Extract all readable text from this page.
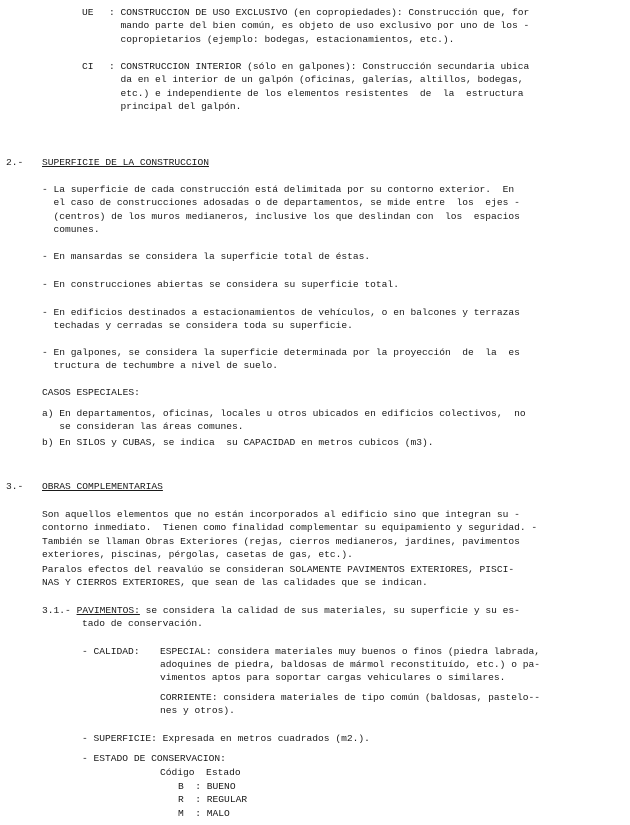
UE : CONSTRUCCION DE USO EXCLUSIVO (en copropiedades): Construcción que, for
mando parte del bien común, es objeto de uso exclusivo por uno de los -
copropietarios (ejemplo: bodegas, estacionamientos, etc.).
CI : CONSTRUCCION INTERIOR (sólo en galpones): Construcción secundaria ubica
da en el interior de un galpón (oficinas, galerías, altillos, bodegas,
etc.) e independiente de los elementos resistentes  de  la  estructura
principal del galpón.
2.- SUPERFICIE DE LA CONSTRUCCION
- La superficie de cada construcción está delimitada por su contorno exterior.  En
el caso de construcciones adosadas o de departamentos, se mide entre  los  ejes -
(centros) de los muros medianeros, inclusive los que deslindan con  los  espacios
comunes.
- En mansardas se considera la superficie total de éstas.
- En construcciones abiertas se considera su superficie total.
- En edificios destinados a estacionamientos de vehículos, o en balcones y terrazas
techadas y cerradas se considera toda su superficie.
- En galpones, se considera la superficie determinada por la proyección  de  la  es
tructura de techumbre a nivel de suelo.
CASOS ESPECIALES:
a) En departamentos, oficinas, locales u otros ubicados en edificios colectivos,  no
se consideran las áreas comunes.
b) En SILOS y CUBAS, se indica  su CAPACIDAD en metros cubicos (m3).
3.- OBRAS COMPLEMENTARIAS
Son aquellos elementos que no están incorporados al edificio sino que integran su -
contorno inmediato.  Tienen como finalidad complementar su equipamiento y seguridad. -
También se llaman Obras Exteriores (rejas, cierros medianeros, jardines, pavimentos
exteriores, piscinas, pérgolas, casetas de gas, etc.).
Paralos efectos del reavalúo se consideran SOLAMENTE PAVIMENTOS EXTERIORES, PISCI-
NAS Y CIERROS EXTERIORES, que sean de las calidades que se indican.
3.1.- PAVIMENTOS: se considera la calidad de sus materiales, su superficie y su es-
tado de conservación.
- CALIDAD: ESPECIAL: considera materiales muy buenos o finos (piedra labrada,
adoquines de piedra, baldosas de mármol reconstituído, etc.) o pa-
vimentos aptos para soportar cargas vehiculares o similares.
CORRIENTE: considera materiales de tipo común (baldosas, pastelo--
nes y otros).
- SUPERFICIE: Expresada en metros cuadrados (m2.).
- ESTADO DE CONSERVACION:
Código  Estado
B  : BUENO
R  : REGULAR
M  : MALO
